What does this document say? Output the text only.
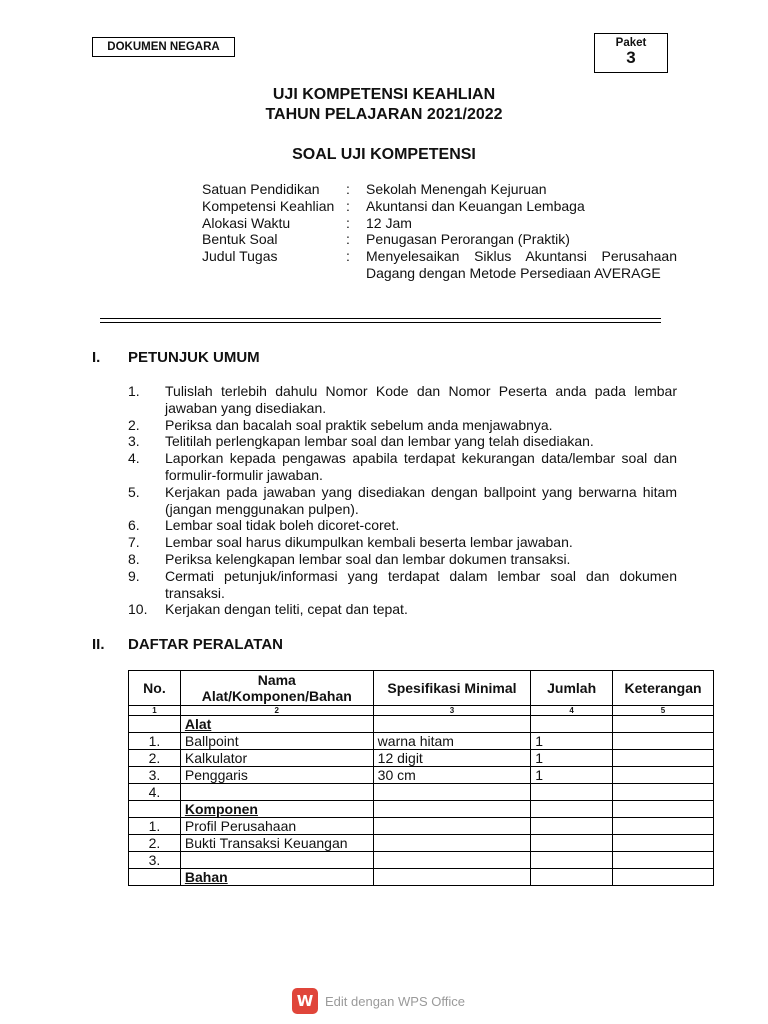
DOKUMEN NEGARA	Paket
3
UJI KOMPETENSI KEAHLIAN
TAHUN PELAJARAN 2021/2022
SOAL UJI KOMPETENSI
Satuan Pendidikan	:	Sekolah Menengah Kejuruan
Kompetensi Keahlian :	Akuntansi dan Keuangan Lembaga
Alokasi Waktu	:	12 Jam
Bentuk Soal	:	Penugasan Perorangan (Praktik)
Judul Tugas	:	Menyelesaikan Siklus Akuntansi Perusahaan Dagang dengan Metode Persediaan AVERAGE
I. PETUNJUK UMUM
1.	Tulislah terlebih dahulu Nomor Kode dan Nomor Peserta anda pada lembar jawaban yang disediakan.
2.	Periksa dan bacalah soal praktik sebelum anda menjawabnya.
3.	Telitilah perlengkapan lembar soal dan lembar yang telah disediakan.
4.	Laporkan kepada pengawas apabila terdapat kekurangan data/lembar soal dan formulir-formulir jawaban.
5.	Kerjakan pada jawaban yang disediakan dengan ballpoint yang berwarna hitam (jangan menggunakan pulpen).
6.	Lembar soal tidak boleh dicoret-coret.
7.	Lembar soal harus dikumpulkan kembali beserta lembar jawaban.
8.	Periksa kelengkapan lembar soal dan lembar dokumen transaksi.
9.	Cermati petunjuk/informasi yang terdapat dalam lembar soal dan dokumen transaksi.
10.	Kerjakan dengan teliti, cepat dan tepat.
II. DAFTAR PERALATAN
No.	Nama Alat/Komponen/Bahan	Spesifikasi Minimal	Jumlah	Keterangan
1	2	3	4	5
	Alat			
1.	Ballpoint	warna hitam	1	
2.	Kalkulator	12 digit	1	
3.	Penggaris	30 cm	1	
4.				
	Komponen			
1.	Profil Perusahaan			
2.	Bukti Transaksi Keuangan			
3.				
	Bahan			
W Edit dengan WPS Office
